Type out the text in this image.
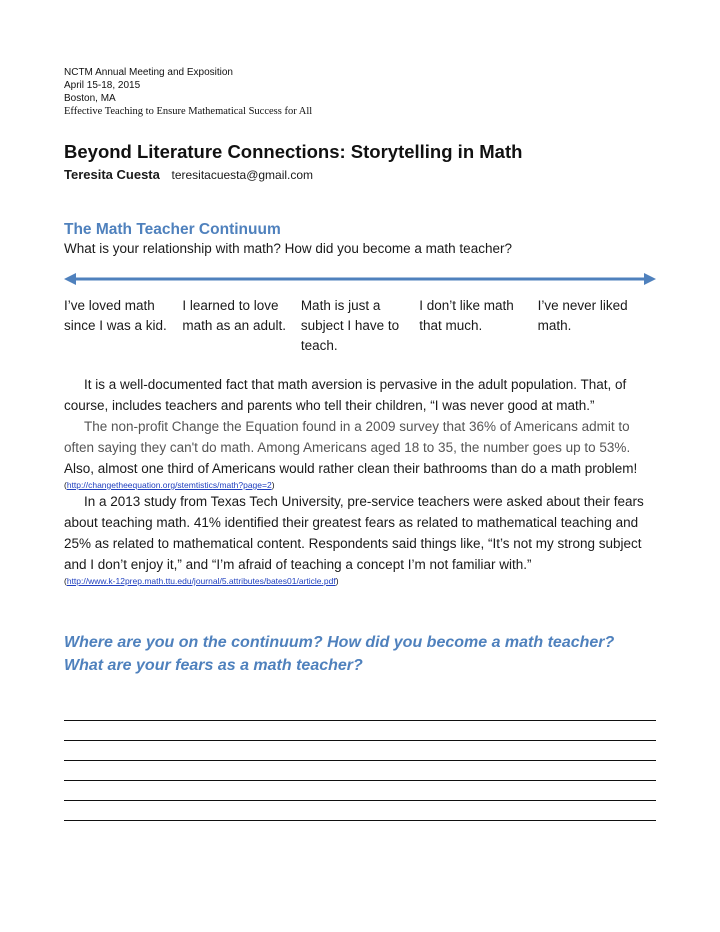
NCTM Annual Meeting and Exposition
April 15-18, 2015
Boston, MA
Effective Teaching to Ensure Mathematical Success for All
Beyond Literature Connections: Storytelling in Math
Teresita Cuesta teresitacuesta@gmail.com
The Math Teacher Continuum
What is your relationship with math? How did you become a math teacher?
I’ve loved math since I was a kid.
I learned to love math as an adult.
Math is just a subject I have to teach.
I don’t like math that much.
I’ve never liked math.
It is a well-documented fact that math aversion is pervasive in the adult population. That, of course, includes teachers and parents who tell their children, “I was never good at math.”
The non-profit Change the Equation found in a 2009 survey that 36% of Americans admit to often saying they can't do math. Among Americans aged 18 to 35, the number goes up to 53%. Also, almost one third of Americans would rather clean their bathrooms than do a math problem!
(http://changetheequation.org/stemtistics/math?page=2)
In a 2013 study from Texas Tech University, pre-service teachers were asked about their fears about teaching math. 41% identified their greatest fears as related to mathematical teaching and 25% as related to mathematical content. Respondents said things like, “It’s not my strong subject and I don’t enjoy it,” and “I’m afraid of teaching a concept I’m not familiar with.”
(http://www.k-12prep.math.ttu.edu/journal/5.attributes/bates01/article.pdf)
Where are you on the continuum? How did you become a math teacher?
What are your fears as a math teacher?
